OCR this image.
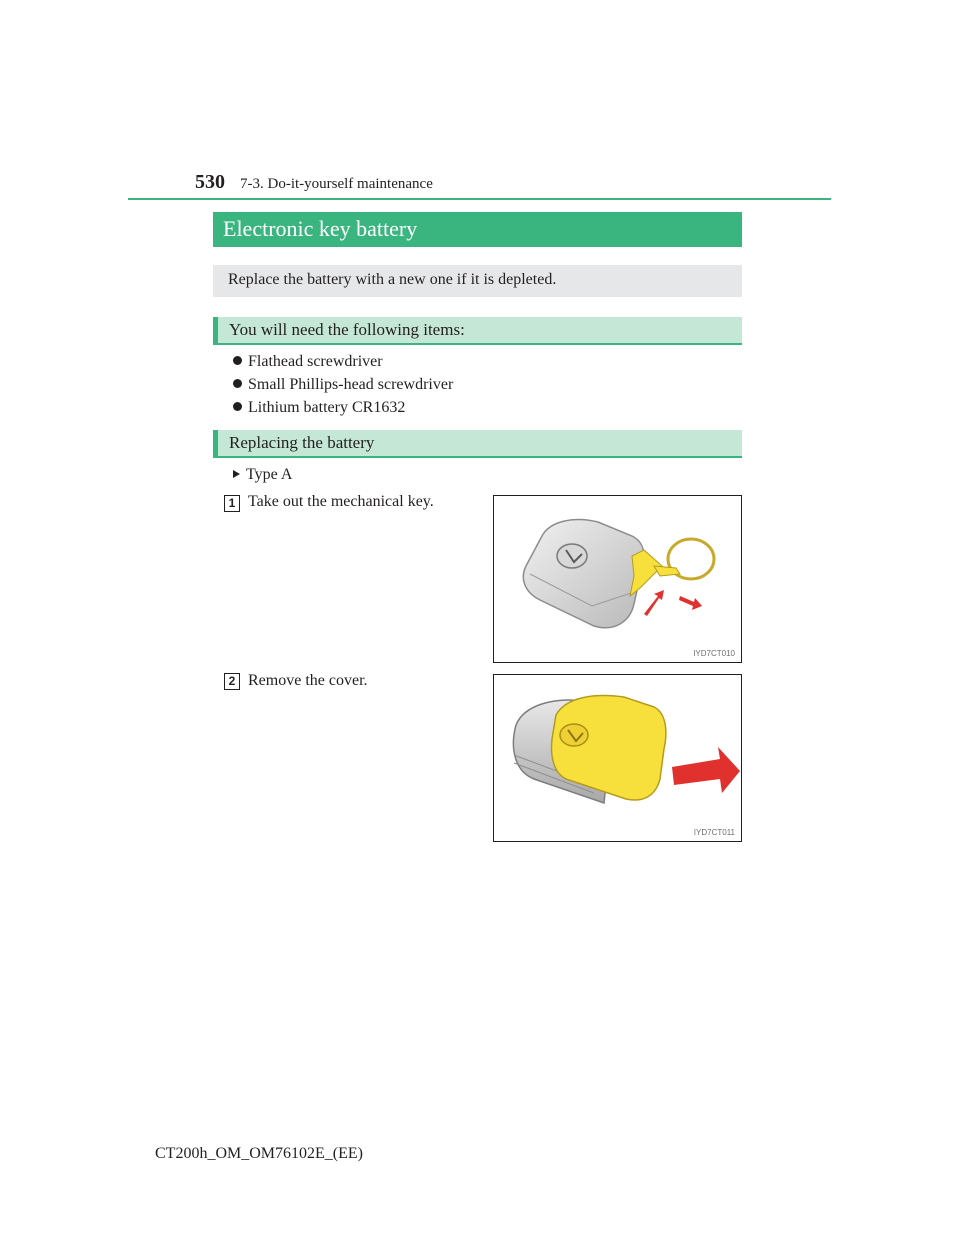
530 7-3. Do-it-yourself maintenance
Electronic key battery
Replace the battery with a new one if it is depleted.
You will need the following items:
Flathead screwdriver
Small Phillips-head screwdriver
Lithium battery CR1632
Replacing the battery
Type A
1 Take out the mechanical key.
IYD7CT010
2 Remove the cover.
IYD7CT011
CT200h_OM_OM76102E_(EE)
